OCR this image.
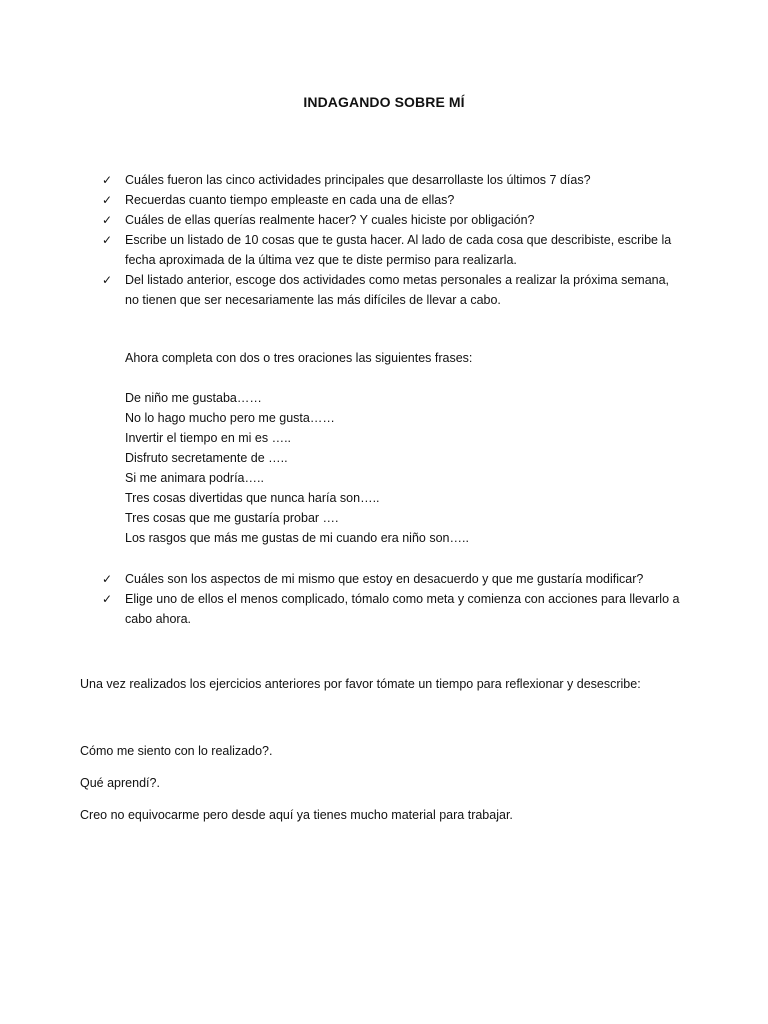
INDAGANDO SOBRE MÍ
✓	Cuáles fueron las cinco actividades principales que desarrollaste los últimos 7 días?
✓	Recuerdas cuanto tiempo empleaste en cada una de ellas?
✓	Cuáles de ellas querías realmente hacer? Y cuales hiciste por obligación?
✓	Escribe un listado de 10 cosas que te gusta hacer. Al lado de cada cosa que describiste, escribe la fecha aproximada de la última vez que te diste permiso para realizarla.
✓	Del listado anterior, escoge dos actividades como metas personales a realizar la próxima semana, no tienen que ser necesariamente las más difíciles de llevar a cabo.
Ahora completa con dos o tres oraciones las siguientes frases:
De niño me gustaba……
No lo hago mucho pero me gusta……
Invertir el tiempo en mi es …..
Disfruto secretamente de …..
Si me animara podría…..
Tres cosas divertidas que nunca haría son…..
Tres cosas que me gustaría probar ….
Los rasgos que más me gustas de mi cuando era niño son…..
✓	Cuáles son los aspectos de mi mismo que estoy en desacuerdo y que me gustaría modificar?
✓	Elige uno de ellos el menos complicado, tómalo como meta y comienza con acciones para llevarlo a cabo ahora.
Una vez realizados los ejercicios anteriores por favor tómate un tiempo para reflexionar y desescribe:
Cómo me siento con lo realizado?.
Qué aprendí?.
Creo no equivocarme pero desde aquí ya tienes mucho material para trabajar.
